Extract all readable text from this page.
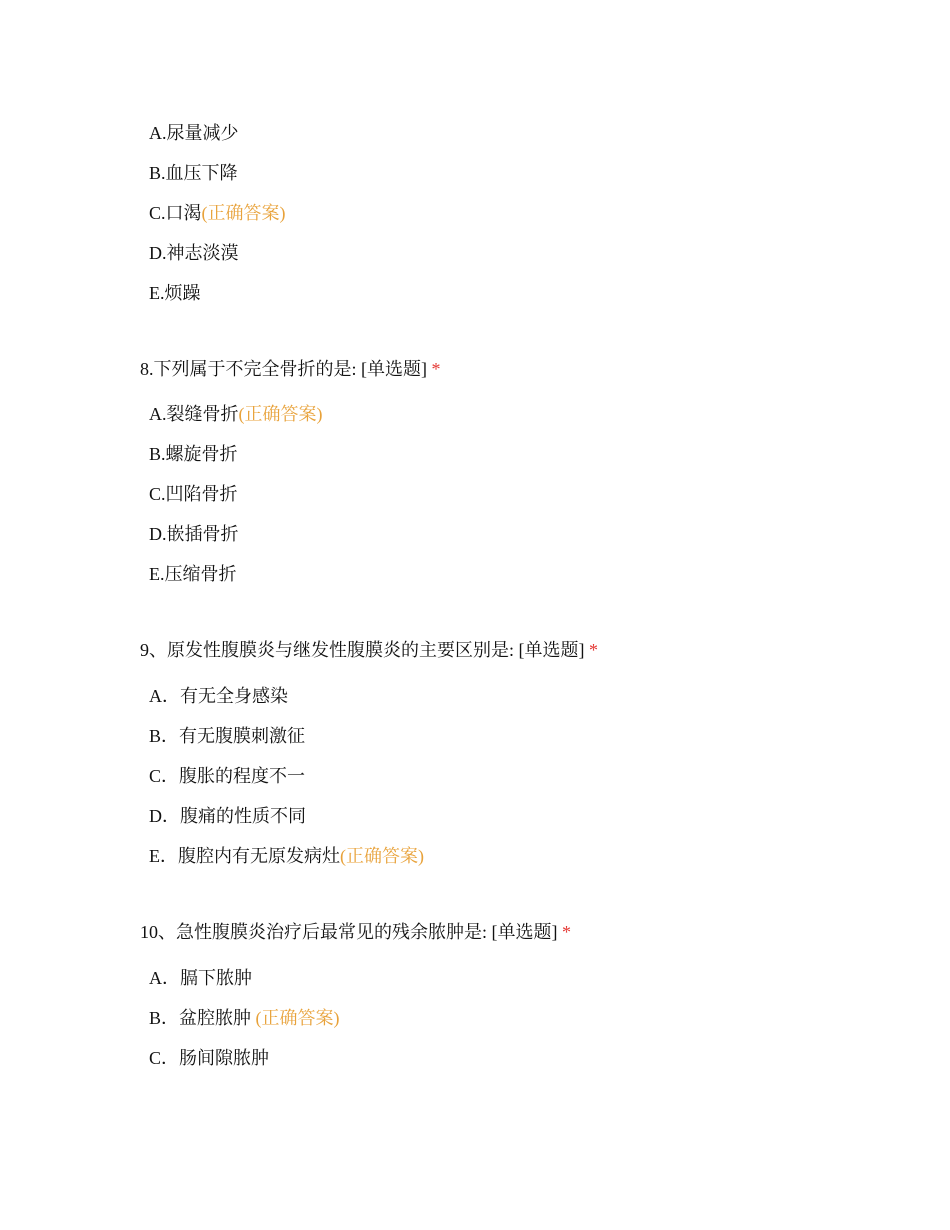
A.尿量减少
B.血压下降
C.口渴(正确答案)
D.神志淡漠
E.烦躁
8.下列属于不完全骨折的是: [单选题] *
A.裂缝骨折(正确答案)
B.螺旋骨折
C.凹陷骨折
D.嵌插骨折
E.压缩骨折
9、原发性腹膜炎与继发性腹膜炎的主要区别是: [单选题] *
A．有无全身感染
B．有无腹膜刺激征
C．腹胀的程度不一
D．腹痛的性质不同
E．腹腔内有无原发病灶(正确答案)
10、急性腹膜炎治疗后最常见的残余脓肿是: [单选题] *
A．膈下脓肿
B．盆腔脓肿 (正确答案)
C．肠间隙脓肿
